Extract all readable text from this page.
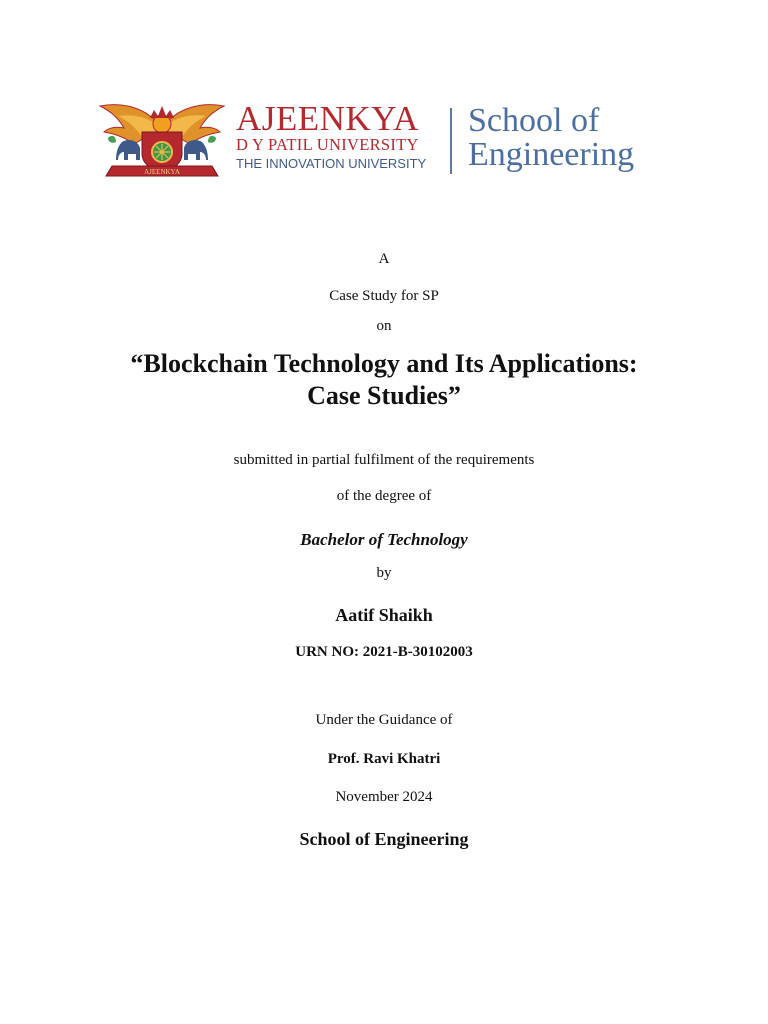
AJEENKYA
AJEENKYA
D Y PATIL UNIVERSITY
THE INNOVATION UNIVERSITY
School of
Engineering
A
Case Study for SP
on
“Blockchain Technology and Its Applications:
Case Studies”
submitted in partial fulfilment of the requirements
of the degree of
Bachelor of Technology
by
Aatif Shaikh
URN NO: 2021-B-30102003
Under the Guidance of
Prof. Ravi Khatri
November 2024
School of Engineering
